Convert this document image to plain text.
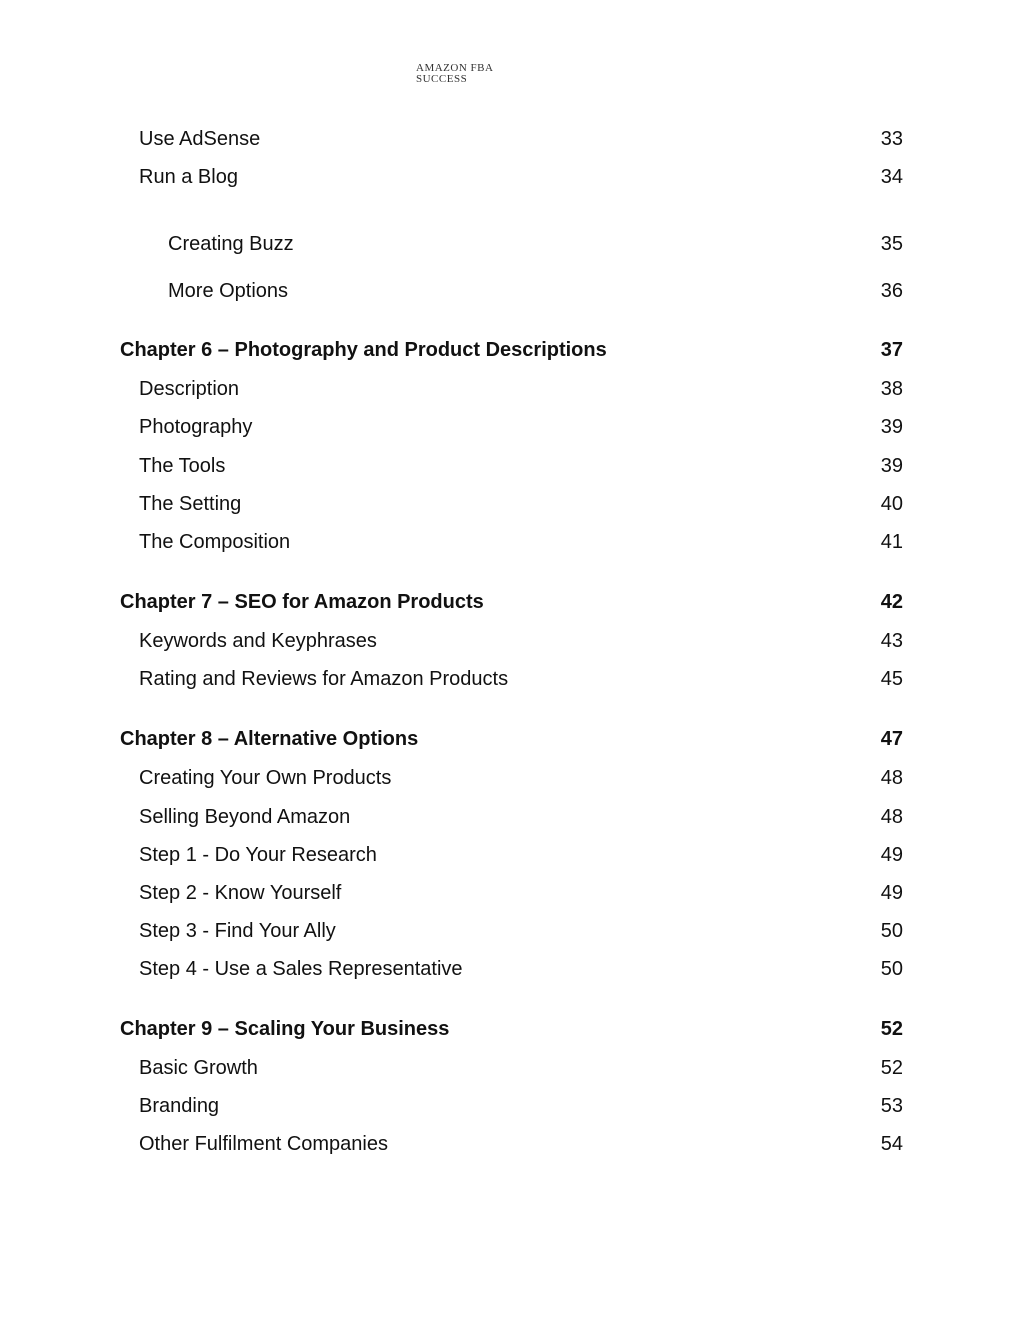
AMAZON FBA
SUCCESS
Use AdSense	33
Run a Blog	34
Creating Buzz	35
More Options	36
Chapter 6 – Photography and Product Descriptions	37
Description	38
Photography	39
The Tools	39
The Setting	40
The Composition	41
Chapter 7 – SEO for Amazon Products	42
Keywords and Keyphrases	43
Rating and Reviews for Amazon Products	45
Chapter 8 – Alternative Options	47
Creating Your Own Products	48
Selling Beyond Amazon	48
Step 1 - Do Your Research	49
Step 2 - Know Yourself	49
Step 3 - Find Your Ally	50
Step 4 - Use a Sales Representative	50
Chapter 9 – Scaling Your Business	52
Basic Growth	52
Branding	53
Other Fulfilment Companies	54
